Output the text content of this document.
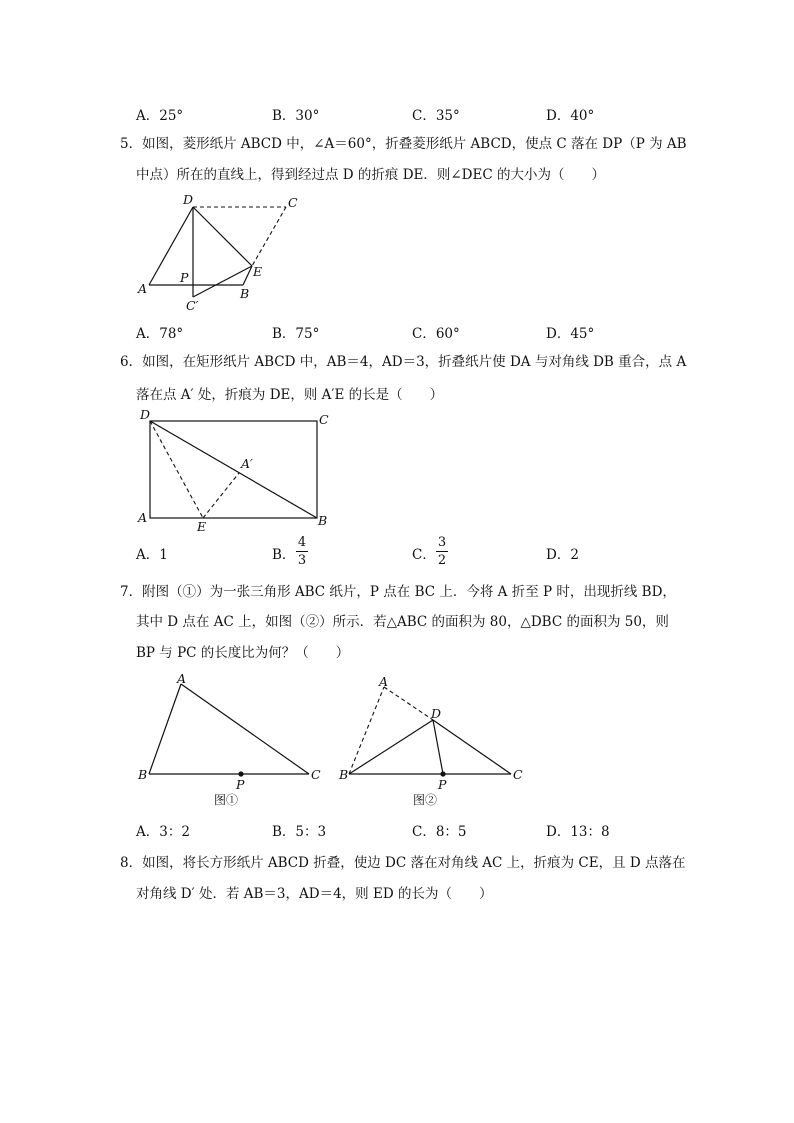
A．25°	B．30°	C．35°	D．40°
5．如图，菱形纸片 ABCD 中，∠A＝60°，折叠菱形纸片 ABCD，使点 C 落在 DP（P 为 AB
中点）所在的直线上，得到经过点 D 的折痕 DE．则∠DEC 的大小为（　　）
D	C
P	E
A	B
C′
A．78°	B．75°	C．60°	D．45°
6．如图，在矩形纸片 ABCD 中，AB＝4，AD＝3，折叠纸片使 DA 与对角线 DB 重合，点 A
落在点 A′ 处，折痕为 DE，则 A′E 的长是（　　）
D	C
A′
A
E	B
A．1	B．
4
3	C．
3
2	D．2
7．附图（①）为一张三角形 ABC 纸片，P 点在 BC 上．今将 A 折至 P 时，出现折线 BD，
其中 D 点在 AC 上，如图（②）所示．若△ABC 的面积为 80，△DBC 的面积为 50，则
BP 与 PC 的长度比为何？（　　）
A
B
P
C
图①
A
D
B
P
C
图②
A．3：2	B．5：3	C．8：5	D．13：8
8．如图，将长方形纸片 ABCD 折叠，使边 DC 落在对角线 AC 上，折痕为 CE，且 D 点落在
对角线 D′ 处．若 AB＝3，AD＝4，则 ED 的长为（　　）
